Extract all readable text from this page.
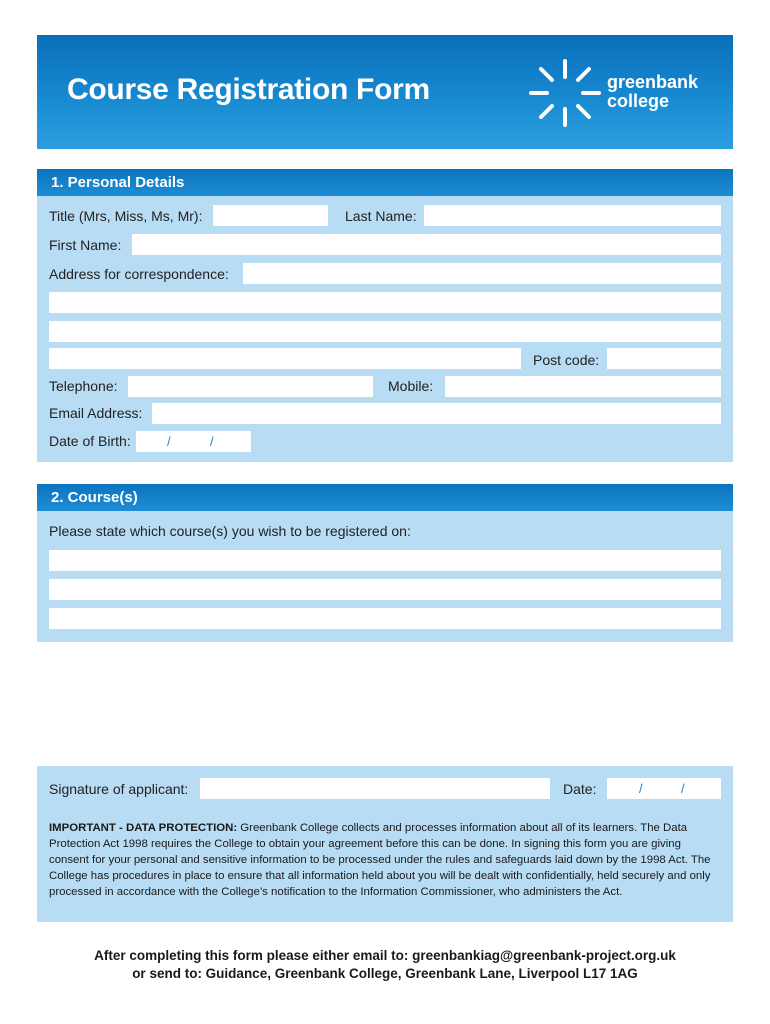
Course Registration Form	greenbank
college
1. Personal Details
Title (Mrs, Miss, Ms, Mr):	Last Name:
First Name:
Address for correspondence:
Post code:
Telephone:	Mobile:
Email Address:
Date of Birth:	/	/
2. Course(s)
Please state which course(s) you wish to be registered on:
Signature of applicant:	Date:	/	/
IMPORTANT - DATA PROTECTION: Greenbank College collects and processes information about all of its learners. The Data Protection Act 1998 requires the College to obtain your agreement before this can be done. In signing this form you are giving consent for your personal and sensitive information to be processed under the rules and safeguards laid down by the 1998 Act. The College has procedures in place to ensure that all information held about you will be dealt with confidentially, held securely and only processed in accordance with the College’s notification to the Information Commissioner, who administers the Act.
After completing this form please either email to: greenbankiag@greenbank-project.org.uk
or send to: Guidance, Greenbank College, Greenbank Lane, Liverpool L17 1AG
